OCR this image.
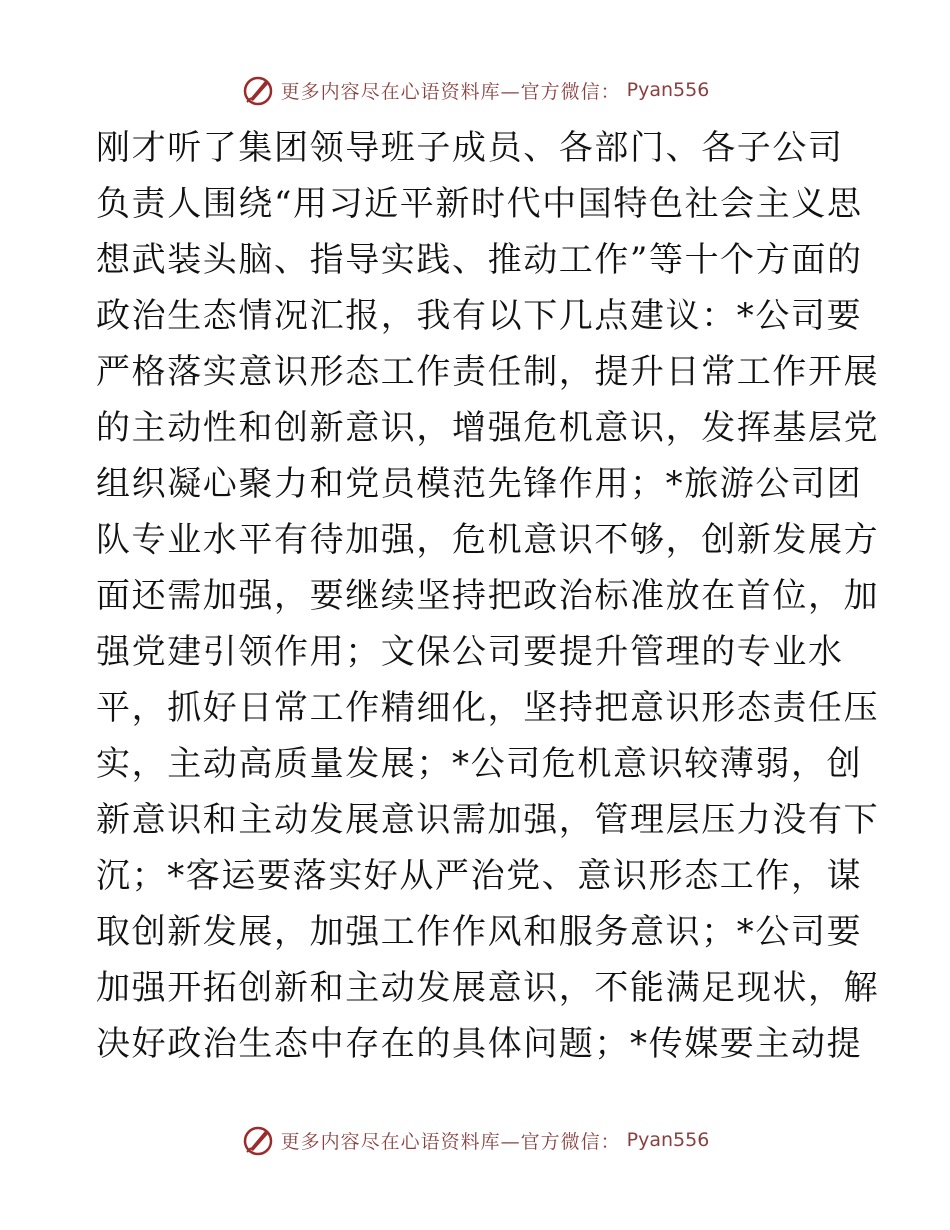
更多内容尽在心语资料库—官方微信： Pyan556
刚才听了集团领导班子成员、各部门、各子公司
负责人围绕“用习近平新时代中国特色社会主义思
想武装头脑、指导实践、推动工作”等十个方面的
政治生态情况汇报，我有以下几点建议：*公司要
严格落实意识形态工作责任制，提升日常工作开展
的主动性和创新意识，增强危机意识，发挥基层党
组织凝心聚力和党员模范先锋作用；*旅游公司团
队专业水平有待加强，危机意识不够，创新发展方
面还需加强，要继续坚持把政治标准放在首位，加
强党建引领作用；文保公司要提升管理的专业水
平，抓好日常工作精细化，坚持把意识形态责任压
实，主动高质量发展；*公司危机意识较薄弱，创
新意识和主动发展意识需加强，管理层压力没有下
沉；*客运要落实好从严治党、意识形态工作，谋
取创新发展，加强工作作风和服务意识；*公司要
加强开拓创新和主动发展意识，不能满足现状，解
决好政治生态中存在的具体问题；*传媒要主动提
更多内容尽在心语资料库—官方微信： Pyan556
